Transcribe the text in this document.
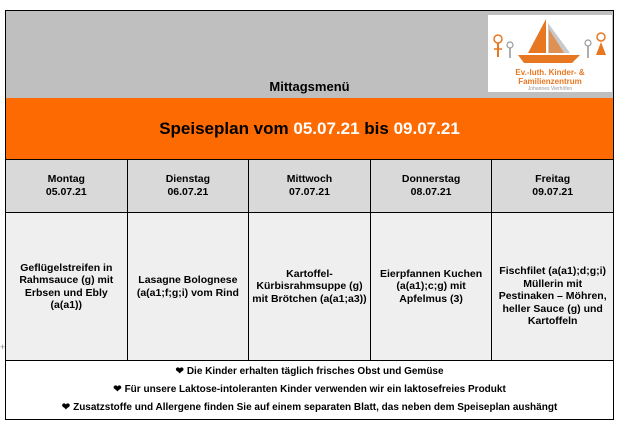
Ev.-luth. Kinder- & Familienzentrum
Johannes Vierhöfen
Mittagsmenü
Speiseplan vom 05.07.21 bis 09.07.21
Montag
05.07.21
Dienstag
06.07.21
Mittwoch
07.07.21
Donnerstag
08.07.21
Freitag
09.07.21
Geflügelstreifen in Rahmsauce (g) mit Erbsen und Ebly (a(a1))
Lasagne Bolognese (a(a1;f;g;i) vom Rind
Kartoffel-Kürbisrahmsuppe (g) mit Brötchen (a(a1;a3))
Eierpfannen Kuchen (a(a1);c;g) mit Apfelmus (3)
Fischfilet (a(a1);d;g;i) Müllerin mit Pestinaken – Möhren, heller Sauce (g) und Kartoffeln
❤ Die Kinder erhalten täglich frisches Obst und Gemüse
❤ Für unsere Laktose-intoleranten Kinder verwenden wir ein laktosefreies Produkt
❤ Zusatzstoffe und Allergene finden Sie auf einem separaten Blatt, das neben dem Speiseplan aushängt
+
